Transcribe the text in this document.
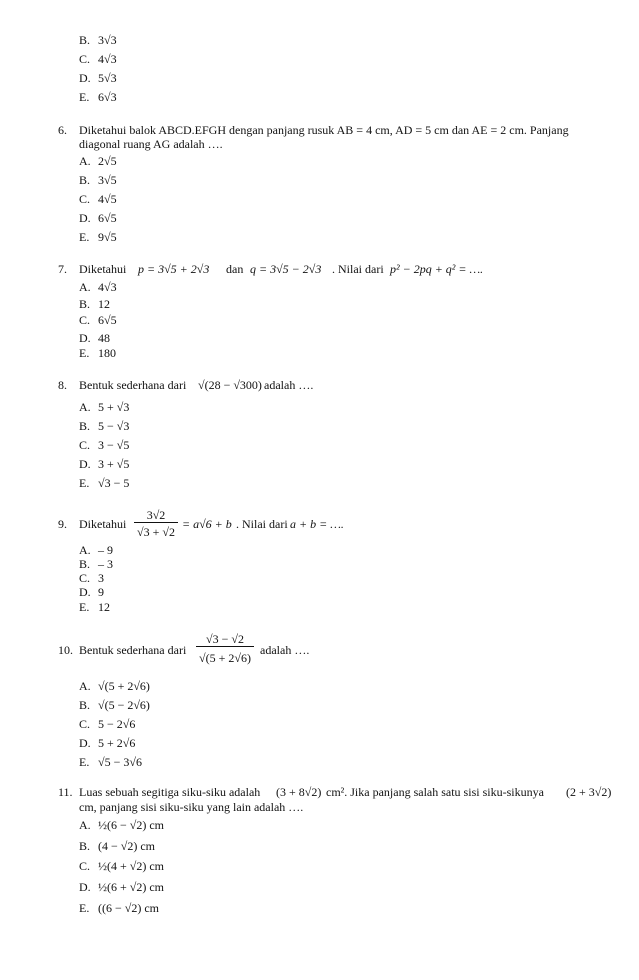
B. 3√3
C. 4√3
D. 5√3
E. 6√3
6. Diketahui balok ABCD.EFGH dengan panjang rusuk AB = 4 cm, AD = 5 cm dan AE = 2 cm. Panjang
diagonal ruang AG adalah ….
A. 2√5
B. 3√5
C. 4√5
D. 6√5
E. 9√5
7. Diketahui p = 3√5 + 2√3 dan q = 3√5 − 2√3 . Nilai dari p² − 2pq + q² = ….
A. 4√3
B. 12
C. 6√5
D. 48
E. 180
8. Bentuk sederhana dari √(28 − √300) adalah ….
A. 5 + √3
B. 5 − √3
C. 3 − √5
D. 3 + √5
E. √3 − 5
9. Diketahui
3√2
√3 + √2
= a√6 + b . Nilai dari a + b = ….
A. – 9
B. – 3
C. 3
D. 9
E. 12
10. Bentuk sederhana dari
√3 − √2
√(5 + 2√6)
adalah ….
A. √(5 + 2√6)
B. √(5 − 2√6)
C. 5 − 2√6
D. 5 + 2√6
E. √5 − 3√6
11. Luas sebuah segitiga siku-siku adalah (3 + 8√2) cm². Jika panjang salah satu sisi siku-sikunya (2 + 3√2)
cm, panjang sisi siku-siku yang lain adalah ….
A. ½(6 − √2) cm
B. (4 − √2) cm
C. ½(4 + √2) cm
D. ½(6 + √2) cm
E. ((6 − √2) cm
